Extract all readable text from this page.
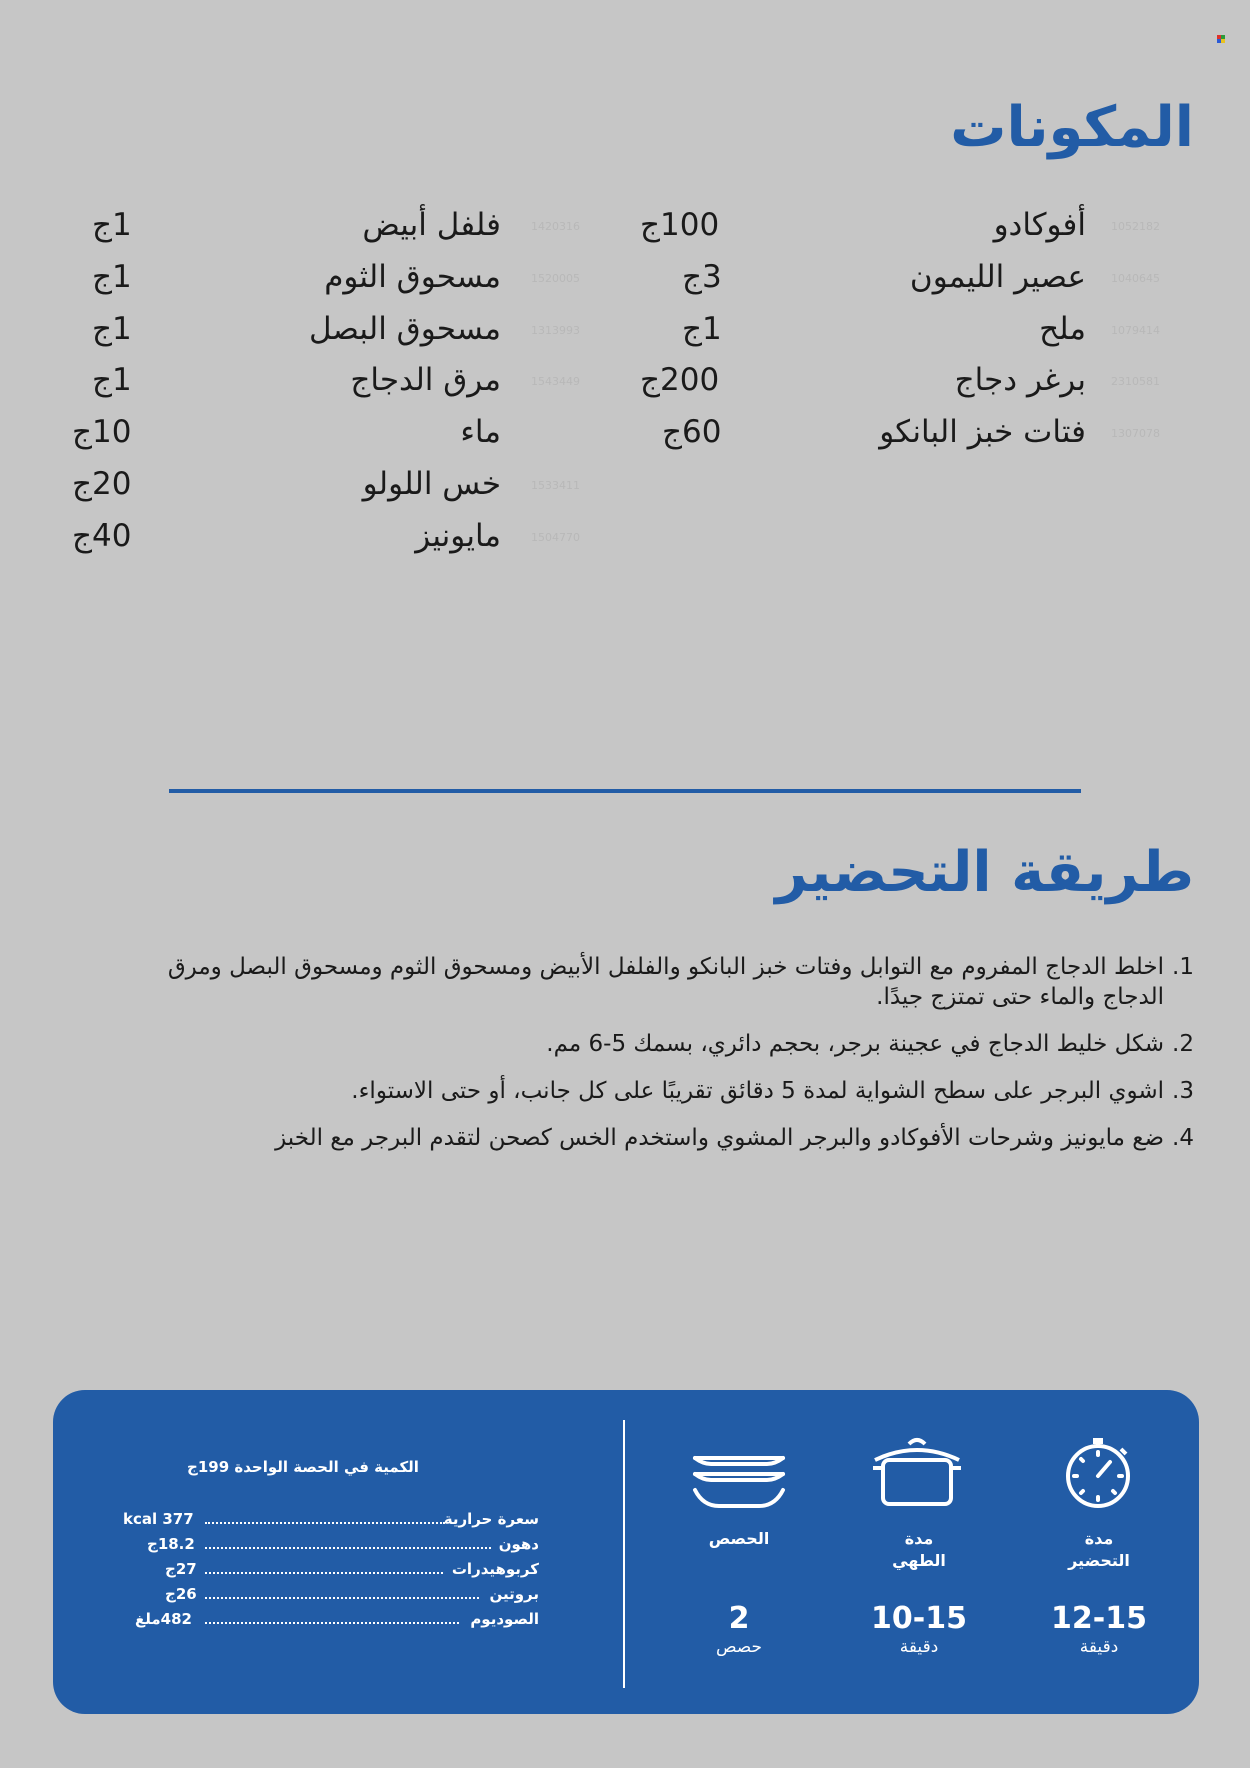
المكونات
أفوكادو
100ج	1052182
عصير الليمون
3ج	1040645
ملح
1ج	1079414
برغر دجاج
200ج	2310581
فتات خبز البانكو
60ج	1307078
فلفل أبيض
1ج	1420316
مسحوق الثوم
1ج	1520005
مسحوق البصل
1ج	1313993
مرق الدجاج
1ج	1543449
ماء
10ج
خس اللولو
20ج	1533411
مايونيز
40ج	1504770
طريقة التحضير
1.
اخلط الدجاج المفروم مع التوابل وفتات خبز البانكو والفلفل الأبيض ومسحوق الثوم ومسحوق البصل ومرق الدجاج والماء حتى تمتزج جيدًا.
2.
شكل خليط الدجاج في عجينة برجر، بحجم دائري، بسمك 5-6 مم.
3.
اشوي البرجر على سطح الشواية لمدة 5 دقائق تقريبًا على كل جانب، أو حتى الاستواء.
4.
ضع مايونيز وشرحات الأفوكادو والبرجر المشوي واستخدم الخس كصحن لتقدم البرجر مع الخبز
مدة
التحضير
12-15
دقيقة
مدة
الطهي
10-15
دقيقة
الحصص
2
حصص
الكمية في الحصة الواحدة 199ج
سعرة حرارية
377 kcal
دهون
18.2ج
كربوهيدرات
27ج
بروتين
26ج
الصوديوم
482ملغ
